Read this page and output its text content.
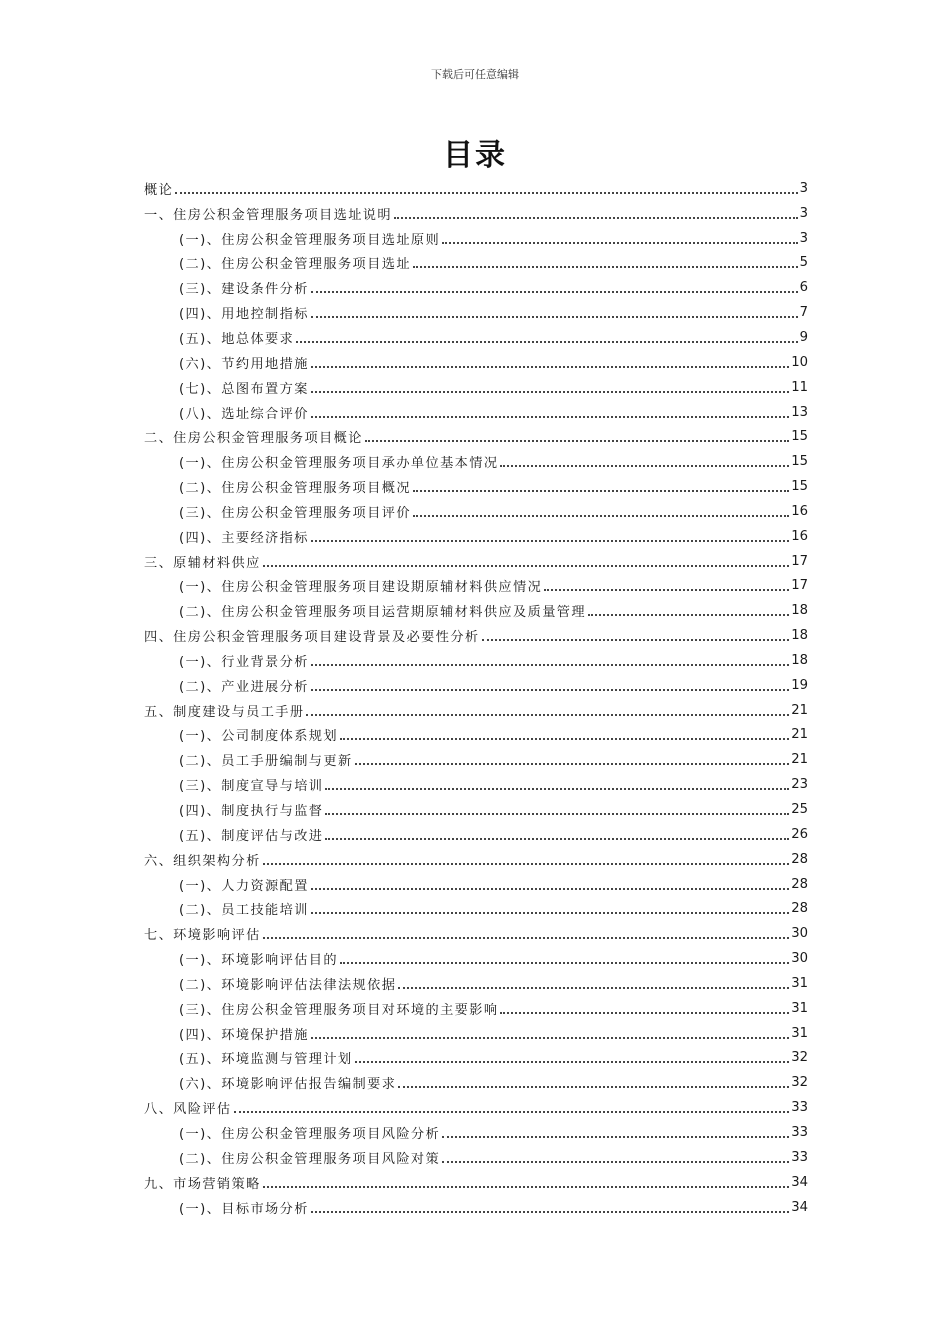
下载后可任意编辑
目录
概论	3
一、住房公积金管理服务项目选址说明	3
(一)、住房公积金管理服务项目选址原则	3
(二)、住房公积金管理服务项目选址	5
(三)、建设条件分析	6
(四)、用地控制指标	7
(五)、地总体要求	9
(六)、节约用地措施	10
(七)、总图布置方案	11
(八)、选址综合评价	13
二、住房公积金管理服务项目概论	15
(一)、住房公积金管理服务项目承办单位基本情况	15
(二)、住房公积金管理服务项目概况	15
(三)、住房公积金管理服务项目评价	16
(四)、主要经济指标	16
三、原辅材料供应	17
(一)、住房公积金管理服务项目建设期原辅材料供应情况	17
(二)、住房公积金管理服务项目运营期原辅材料供应及质量管理	18
四、住房公积金管理服务项目建设背景及必要性分析	18
(一)、行业背景分析	18
(二)、产业进展分析	19
五、制度建设与员工手册	21
(一)、公司制度体系规划	21
(二)、员工手册编制与更新	21
(三)、制度宣导与培训	23
(四)、制度执行与监督	25
(五)、制度评估与改进	26
六、组织架构分析	28
(一)、人力资源配置	28
(二)、员工技能培训	28
七、环境影响评估	30
(一)、环境影响评估目的	30
(二)、环境影响评估法律法规依据	31
(三)、住房公积金管理服务项目对环境的主要影响	31
(四)、环境保护措施	31
(五)、环境监测与管理计划	32
(六)、环境影响评估报告编制要求	32
八、风险评估	33
(一)、住房公积金管理服务项目风险分析	33
(二)、住房公积金管理服务项目风险对策	33
九、市场营销策略	34
(一)、目标市场分析	34
